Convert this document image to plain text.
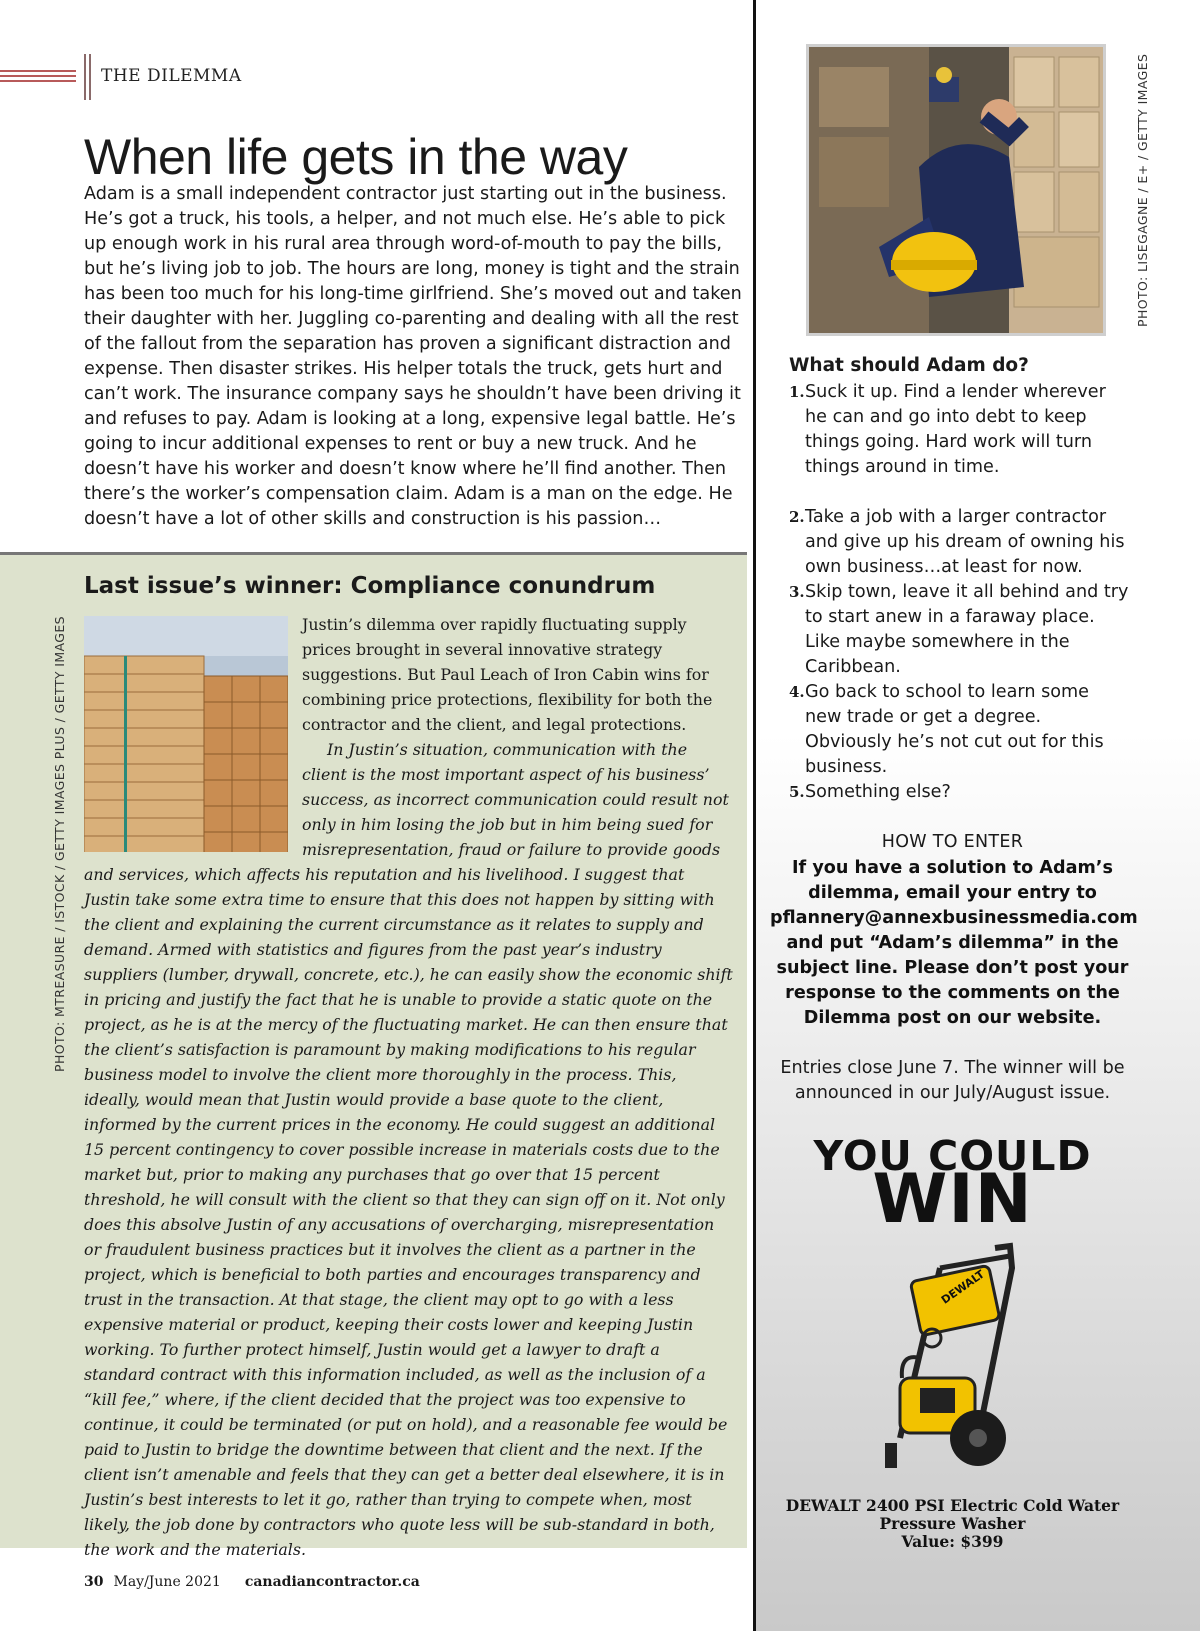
THE DILEMMA
When life gets in the way

Adam is a small independent contractor just starting out in the business. He’s got a truck, his tools, a helper, and not much else. He’s able to pick up enough work in his rural area through word-of-mouth to pay the bills, but he’s living job to job. The hours are long, money is tight and the strain has been too much for his long-time girlfriend. She’s moved out and taken their daughter with her. Juggling co-parenting and dealing with all the rest of the fallout from the separation has proven a significant distraction and expense. Then disaster strikes. His helper totals the truck, gets hurt and can’t work. The insurance company says he shouldn’t have been driving it and refuses to pay. Adam is looking at a long, expensive legal battle. He’s going to incur additional expenses to rent or buy a new truck. And he doesn’t have his worker and doesn’t know where he’ll find another. Then there’s the worker’s compensation claim. Adam is a man on the edge. He doesn’t have a lot of other skills and construction is his passion…

PHOTO: LISEGAGNE / E+ / GETTY IMAGES
What should Adam do?
1. Suck it up. Find a lender wherever he can and go into debt to keep things going. Hard work will turn things around in time.
2. Take a job with a larger contractor and give up his dream of owning his own business…at least for now.
3. Skip town, leave it all behind and try to start anew in a faraway place. Like maybe somewhere in the Caribbean.
4. Go back to school to learn some new trade or get a degree. Obviously he’s not cut out for this business.
5. Something else?
HOW TO ENTER
If you have a solution to Adam’s dilemma, email your entry to pflannery@annexbusinessmedia.com and put “Adam’s dilemma” in the subject line. Please don’t post your response to the comments on the Dilemma post on our website.
Entries close June 7. The winner will be announced in our July/August issue.
YOU COULD
WIN
DEWALT
DEWALT 2400 PSI Electric Cold Water Pressure Washer
Value: $399
PHOTO: MTREASURE / ISTOCK / GETTY IMAGES PLUS / GETTY IMAGES
Last issue’s winner: Compliance conundrum

Justin’s dilemma over rapidly fluctuating supply prices brought in several innovative strategy suggestions. But Paul Leach of Iron Cabin wins for combining price protections, flexibility for both the contractor and the client, and legal protections.

In Justin’s situation, communication with the client is the most important aspect of his business’ success, as incorrect communication could result not only in him losing the job but in him being sued for misrepresentation, fraud or failure to provide goods and services, which affects his reputation and his livelihood. I suggest that Justin take some extra time to ensure that this does not happen by sitting with the client and explaining the current circumstance as it relates to supply and demand. Armed with statistics and figures from the past year’s industry suppliers (lumber, drywall, concrete, etc.), he can easily show the economic shift in pricing and justify the fact that he is unable to provide a static quote on the project, as he is at the mercy of the fluctuating market. He can then ensure that the client’s satisfaction is paramount by making modifications to his regular business model to involve the client more thoroughly in the process. This, ideally, would mean that Justin would provide a base quote to the client, informed by the current prices in the economy. He could suggest an additional 15 percent contingency to cover possible increase in materials costs due to the market but, prior to making any purchases that go over that 15 percent threshold, he will consult with the client so that they can sign off on it. Not only does this absolve Justin of any accusations of overcharging, misrepresentation or fraudulent business practices but it involves the client as a partner in the project, which is beneficial to both parties and encourages transparency and trust in the transaction. At that stage, the client may opt to go with a less expensive material or product, keeping their costs lower and keeping Justin working. To further protect himself, Justin would get a lawyer to draft a standard contract with this information included, as well as the inclusion of a “kill fee,” where, if the client decided that the project was too expensive to continue, it could be terminated (or put on hold), and a reasonable fee would be paid to Justin to bridge the downtime between that client and the next. If the client isn’t amenable and feels that they can get a better deal elsewhere, it is in Justin’s best interests to let it go, rather than trying to compete when, most likely, the job done by contractors who quote less will be sub-standard in both, the work and the materials.

30 May/June 2021 canadiancontractor.ca
